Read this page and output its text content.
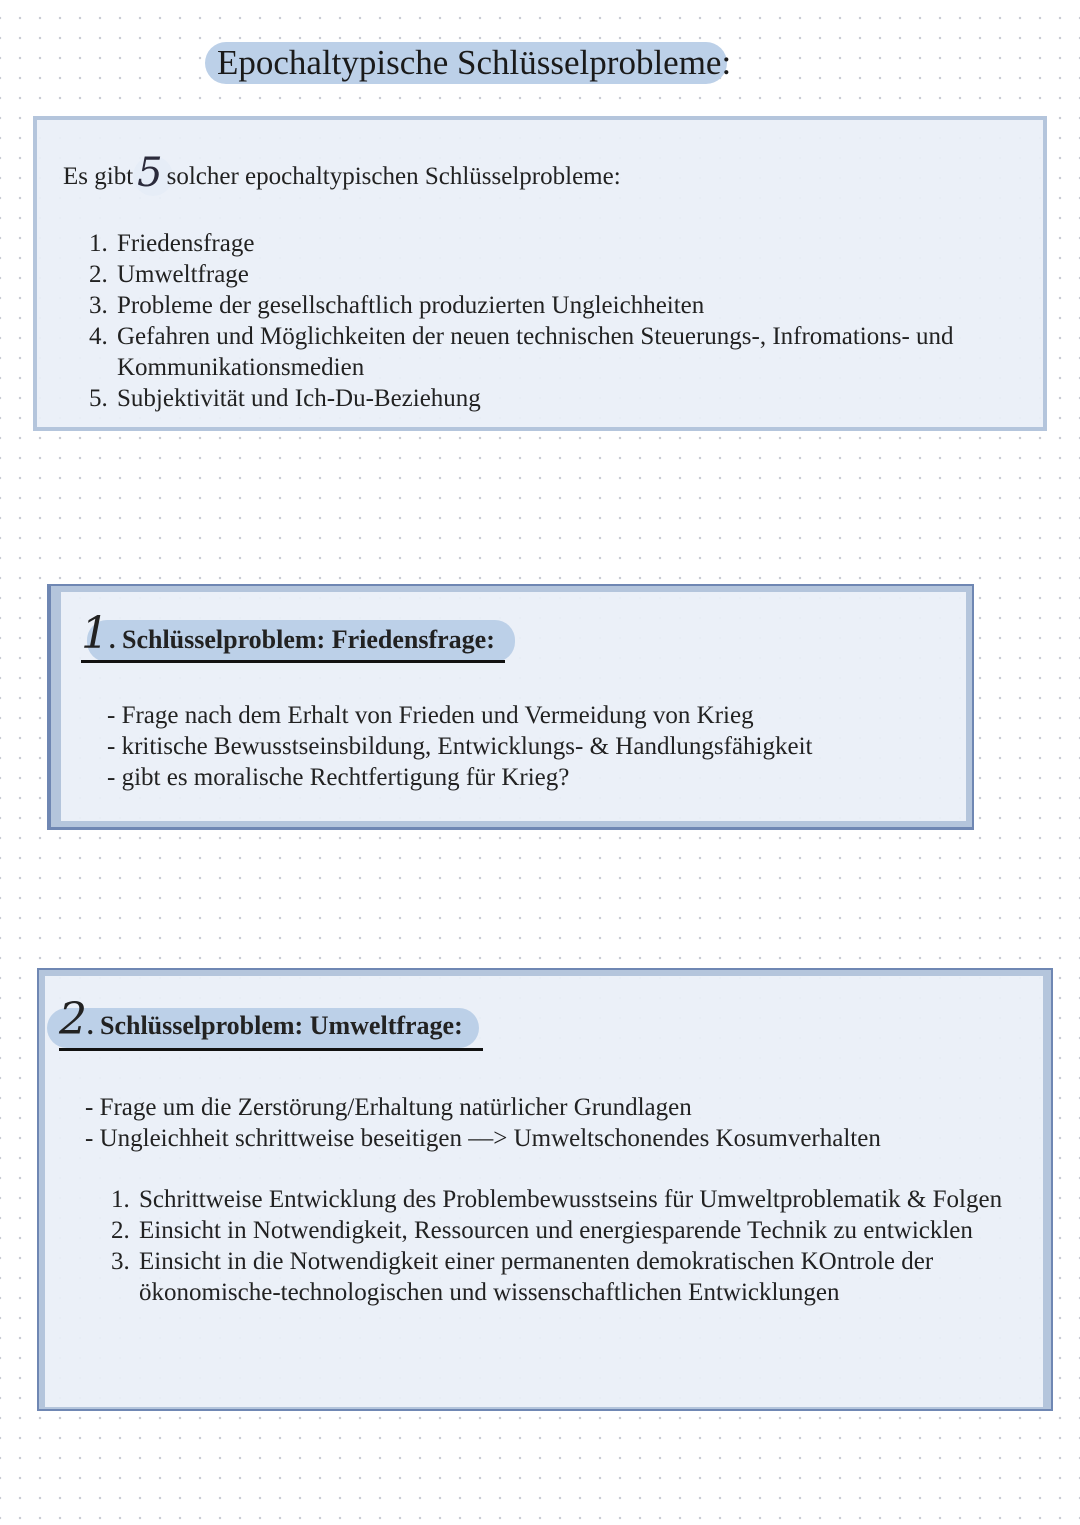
Epochaltypische Schlüsselprobleme:
Es gibt 5 solcher epochaltypischen Schlüsselprobleme:
1. Friedensfrage
2. Umweltfrage
3. Probleme der gesellschaftlich produzierten Ungleichheiten
4. Gefahren und Möglichkeiten der neuen technischen Steuerungs-, Infromations- und Kommunikationsmedien
5. Subjektivität und Ich-Du-Beziehung
1. Schlüsselproblem: Friedensfrage:
- Frage nach dem Erhalt von Frieden und Vermeidung von Krieg
- kritische Bewusstseinsbildung, Entwicklungs- & Handlungsfähigkeit
- gibt es moralische Rechtfertigung für Krieg?
2. Schlüsselproblem: Umweltfrage:
- Frage um die Zerstörung/Erhaltung natürlicher Grundlagen
- Ungleichheit schrittweise beseitigen —> Umweltschonendes Kosumverhalten
1. Schrittweise Entwicklung des Problembewusstseins für Umweltproblematik & Folgen
2. Einsicht in Notwendigkeit, Ressourcen und energiesparende Technik zu entwicklen
3. Einsicht in die Notwendigkeit einer permanenten demokratischen KOntrole der ökonomische-technologischen und wissenschaftlichen Entwicklungen
